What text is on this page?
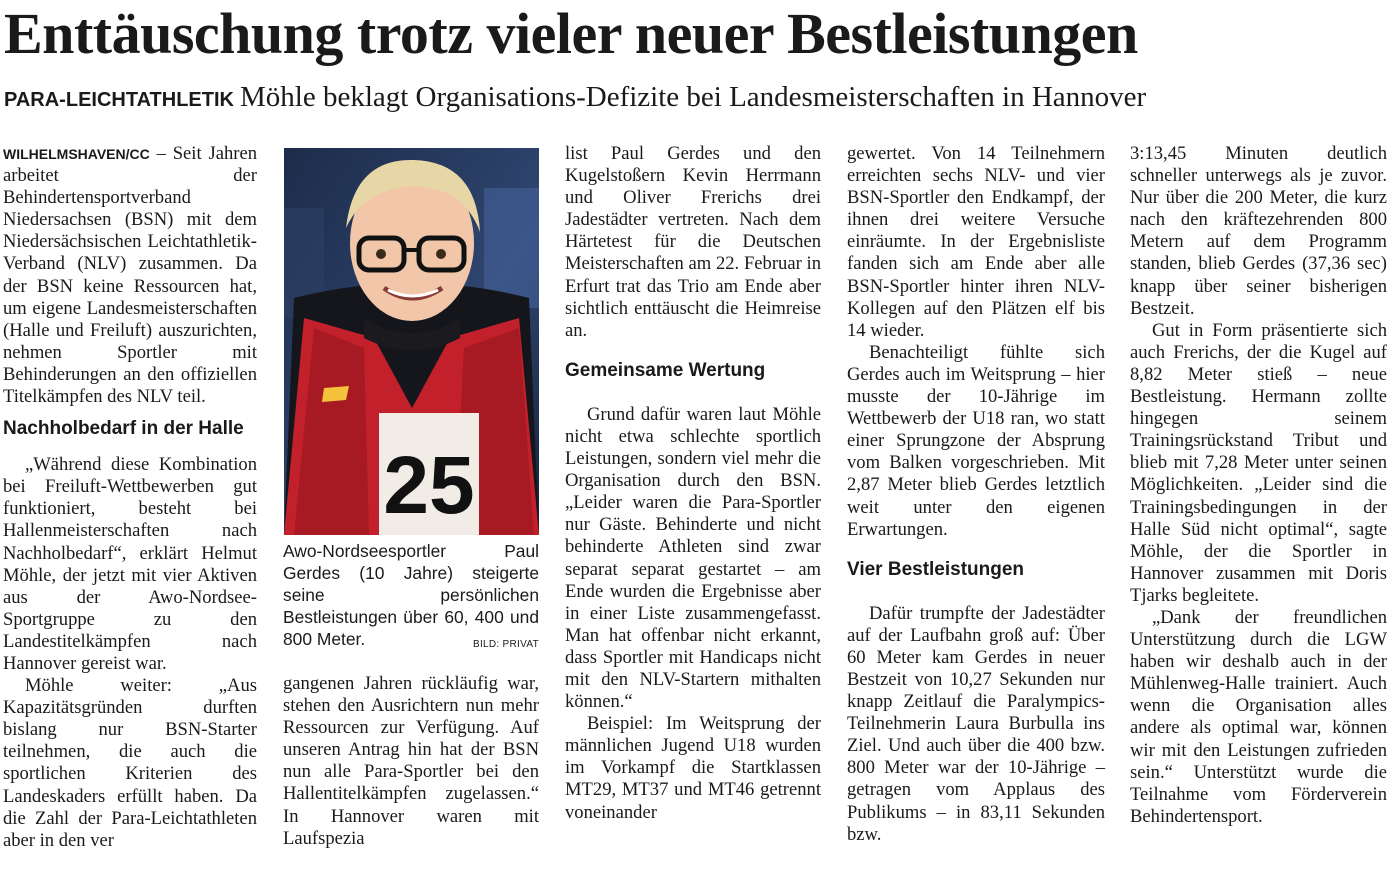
Enttäuschung trotz vieler neuer Bestleistungen
PARA-LEICHTATHLETIK Möhle beklagt Organisations-Defizite bei Landesmeisterschaften in Hannover

WILHELMSHAVEN/CC – Seit Jahren arbeitet der Behindertensportverband Niedersachsen (BSN) mit dem Niedersächsischen Leichtathletik-Verband (NLV) zusammen. Da der BSN keine Ressourcen hat, um eigene Landesmeisterschaften (Halle und Freiluft) auszurichten, nehmen Sportler mit Behinderungen an den offiziellen Titelkämpfen des NLV teil.

Nachholbedarf in der Halle

„Während diese Kombination bei Freiluft-Wettbewerben gut funktioniert, besteht bei Hallenmeisterschaften nach Nachholbedarf“, erklärt Helmut Möhle, der jetzt mit vier Aktiven aus der Awo-Nordsee-Sportgruppe zu den Landestitelkämpfen nach Hannover gereist war.

Möhle weiter: „Aus Kapazitätsgründen durften bislang nur BSN-Starter teilnehmen, die auch die sportlichen Kriterien des Landeskaders erfüllt haben. Da die Zahl der Para-Leichtathleten aber in den ver

25
Awo-Nordseesportler Paul Gerdes (10 Jahre) steigerte seine persönlichen Bestleistungen über 60, 400 und 800 Meter.	BILD: PRIVAT

gangenen Jahren rückläufig war, stehen den Ausrichtern nun mehr Ressourcen zur Verfügung. Auf unseren Antrag hin hat der BSN nun alle Para-Sportler bei den Hallentitelkämpfen zugelassen.“ In Hannover waren mit Laufspezia

list Paul Gerdes und den Kugelstoßern Kevin Herrmann und Oliver Frerichs drei Jadestädter vertreten. Nach dem Härtetest für die Deutschen Meisterschaften am 22. Februar in Erfurt trat das Trio am Ende aber sichtlich enttäuscht die Heimreise an.

Gemeinsame Wertung

Grund dafür waren laut Möhle nicht etwa schlechte sportlich Leistungen, sondern viel mehr die Organisation durch den BSN. „Leider waren die Para-Sportler nur Gäste. Behinderte und nicht behinderte Athleten sind zwar separat separat gestartet – am Ende wurden die Ergebnisse aber in einer Liste zusammengefasst. Man hat offenbar nicht erkannt, dass Sportler mit Handicaps nicht mit den NLV-Startern mithalten können.“

Beispiel: Im Weitsprung der männlichen Jugend U18 wurden im Vorkampf die Startklassen MT29, MT37 und MT46 getrennt voneinander

gewertet. Von 14 Teilnehmern erreichten sechs NLV- und vier BSN-Sportler den Endkampf, der ihnen drei weitere Versuche einräumte. In der Ergebnisliste fanden sich am Ende aber alle BSN-Sportler hinter ihren NLV-Kollegen auf den Plätzen elf bis 14 wieder.

Benachteiligt fühlte sich Gerdes auch im Weitsprung – hier musste der 10-Jährige im Wettbewerb der U18 ran, wo statt einer Sprungzone der Absprung vom Balken vorgeschrieben. Mit 2,87 Meter blieb Gerdes letztlich weit unter den eigenen Erwartungen.

Vier Bestleistungen

Dafür trumpfte der Jadestädter auf der Laufbahn groß auf: Über 60 Meter kam Gerdes in neuer Bestzeit von 10,27 Sekunden nur knapp Zeitlauf die Paralympics-Teilnehmerin Laura Burbulla ins Ziel. Und auch über die 400 bzw. 800 Meter war der 10-Jährige – getragen vom Applaus des Publikums – in 83,11 Sekunden bzw.

3:13,45 Minuten deutlich schneller unterwegs als je zuvor. Nur über die 200 Meter, die kurz nach den kräftezehrenden 800 Metern auf dem Programm standen, blieb Gerdes (37,36 sec) knapp über seiner bisherigen Bestzeit.

Gut in Form präsentierte sich auch Frerichs, der die Kugel auf 8,82 Meter stieß – neue Bestleistung. Hermann zollte hingegen seinem Trainingsrückstand Tribut und blieb mit 7,28 Meter unter seinen Möglichkeiten. „Leider sind die Trainingsbedingungen in der Halle Süd nicht optimal“, sagte Möhle, der die Sportler in Hannover zusammen mit Doris Tjarks begleitete.

„Dank der freundlichen Unterstützung durch die LGW haben wir deshalb auch in der Mühlenweg-Halle trainiert. Auch wenn die Organisation alles andere als optimal war, können wir mit den Leistungen zufrieden sein.“ Unterstützt wurde die Teilnahme vom Förderverein Behindertensport.
